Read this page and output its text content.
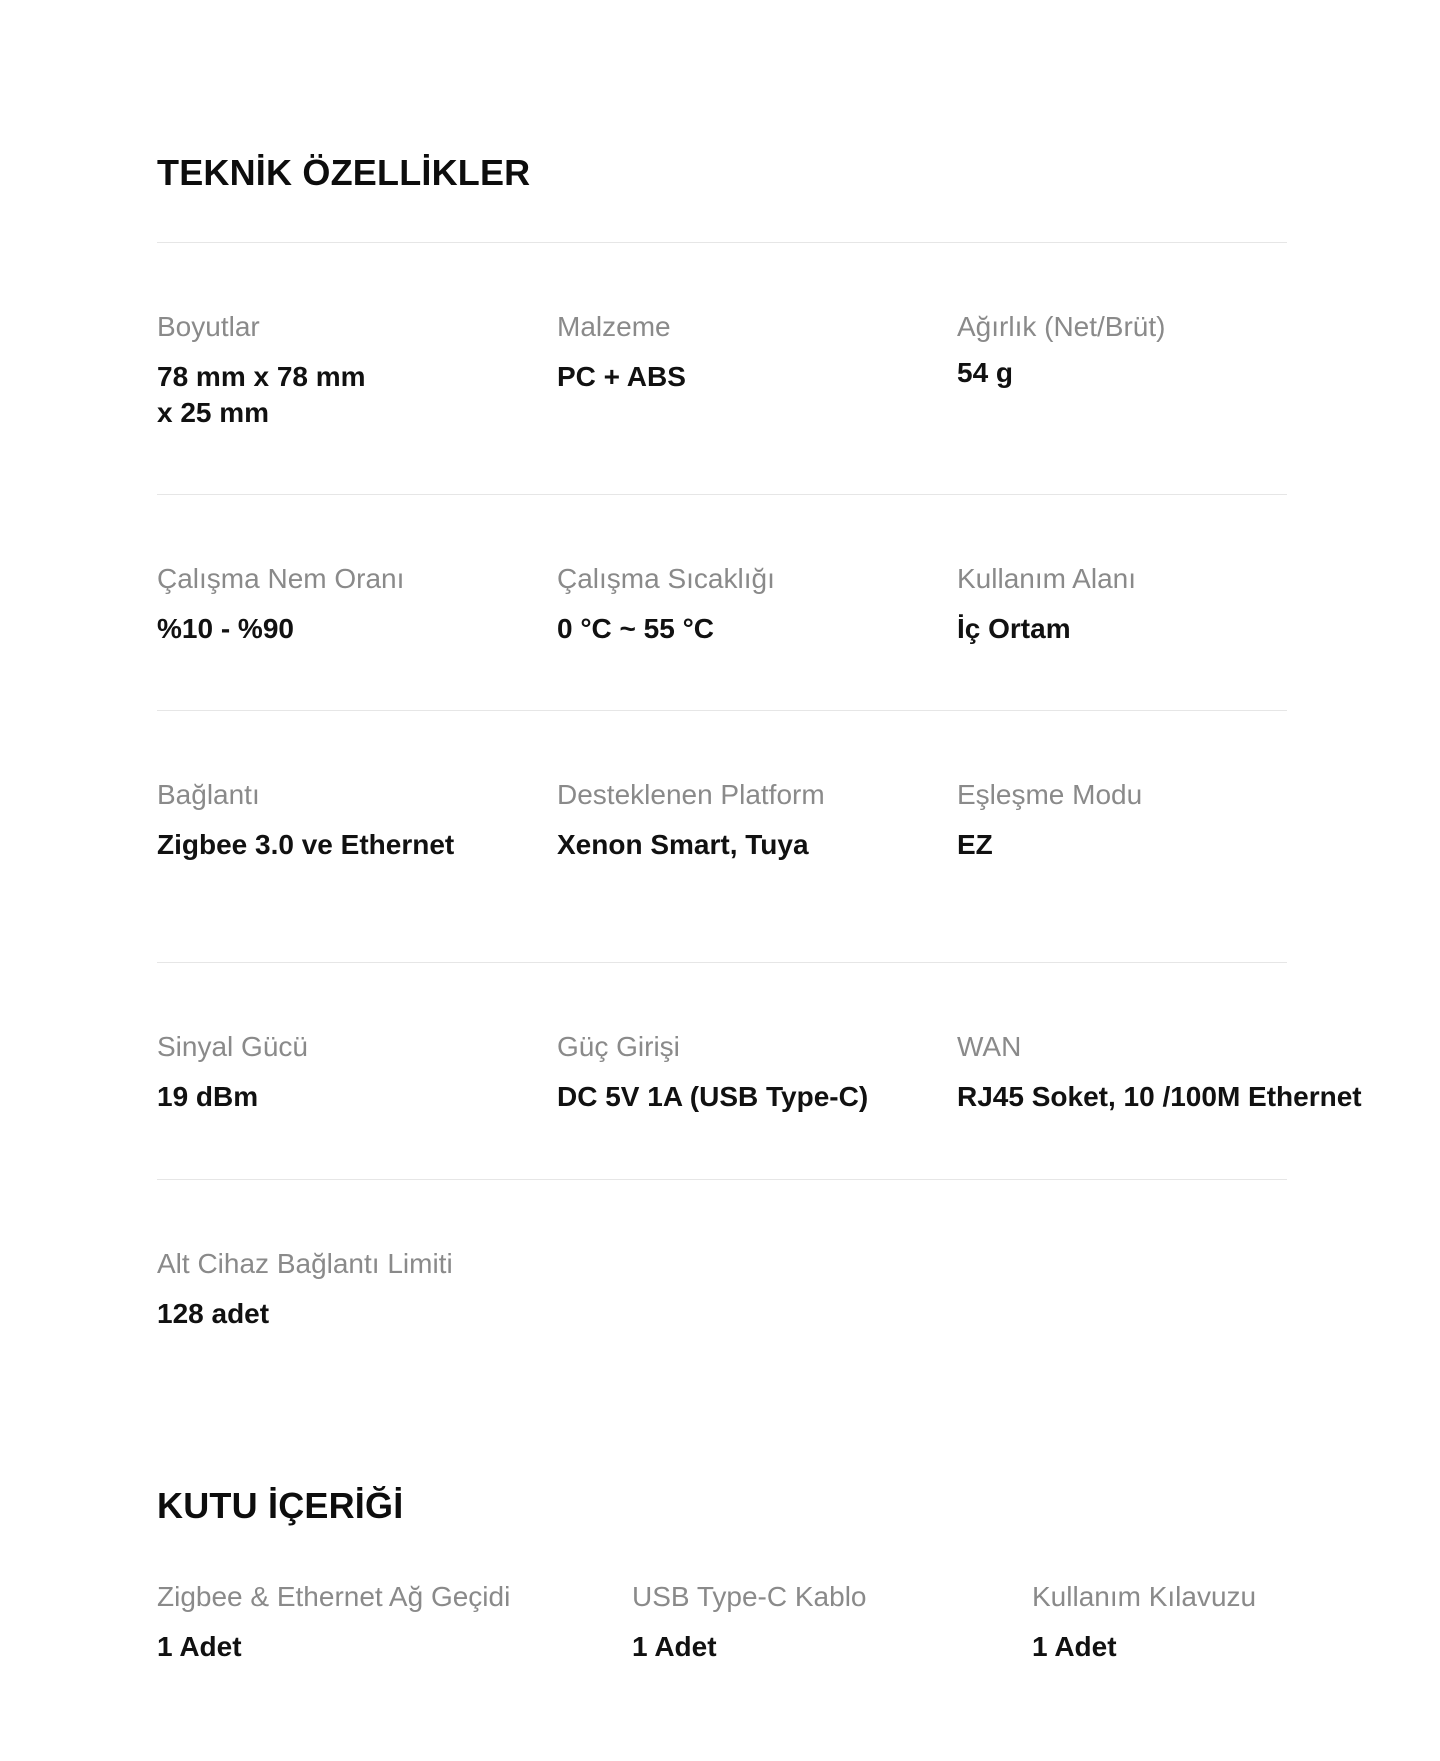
TEKNİK ÖZELLİKLER
Boyutlar
78 mm x 78 mm x 25 mm
Malzeme
PC + ABS
Ağırlık (Net/Brüt)
54 g
Çalışma Nem Oranı
%10 - %90
Çalışma Sıcaklığı
0 °C ~ 55 °C
Kullanım Alanı
İç Ortam
Bağlantı
Zigbee 3.0 ve Ethernet
Desteklenen Platform
Xenon Smart, Tuya
Eşleşme Modu
EZ
Sinyal Gücü
19 dBm
Güç Girişi
DC 5V 1A (USB Type-C)
WAN
RJ45 Soket, 10 /100M Ethernet
Alt Cihaz Bağlantı Limiti
128 adet
KUTU İÇERİĞİ
Zigbee & Ethernet Ağ Geçidi
1 Adet
USB Type-C Kablo
1 Adet
Kullanım Kılavuzu
1 Adet
